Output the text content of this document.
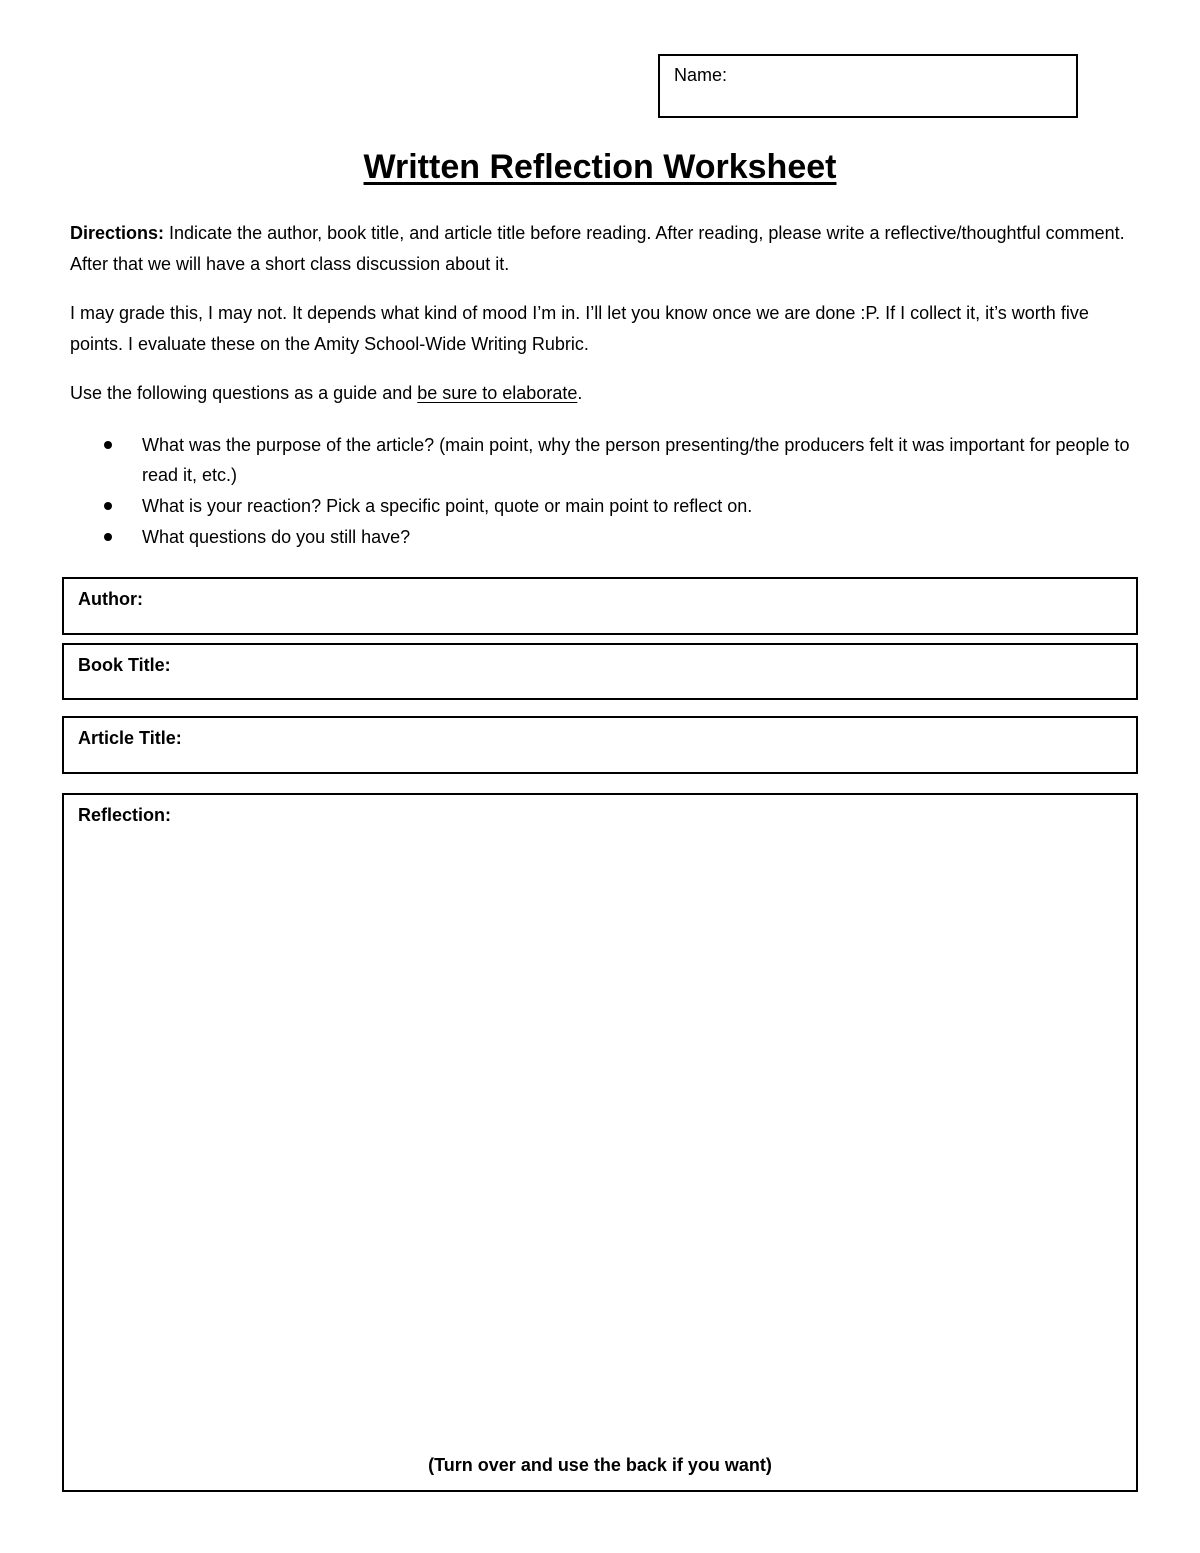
Name:
Written Reflection Worksheet
Directions: Indicate the author, book title, and article title before reading. After reading, please write a reflective/thoughtful comment. After that we will have a short class discussion about it.
I may grade this, I may not. It depends what kind of mood I’m in. I’ll let you know once we are done :P. If I collect it, it’s worth five points. I evaluate these on the Amity School-Wide Writing Rubric.
Use the following questions as a guide and be sure to elaborate.
What was the purpose of the article? (main point, why the person presenting/the producers felt it was important for people to read it, etc.)
What is your reaction? Pick a specific point, quote or main point to reflect on.
What questions do you still have?
Author:
Book Title:
Article Title:
Reflection:
(Turn over and use the back if you want)
